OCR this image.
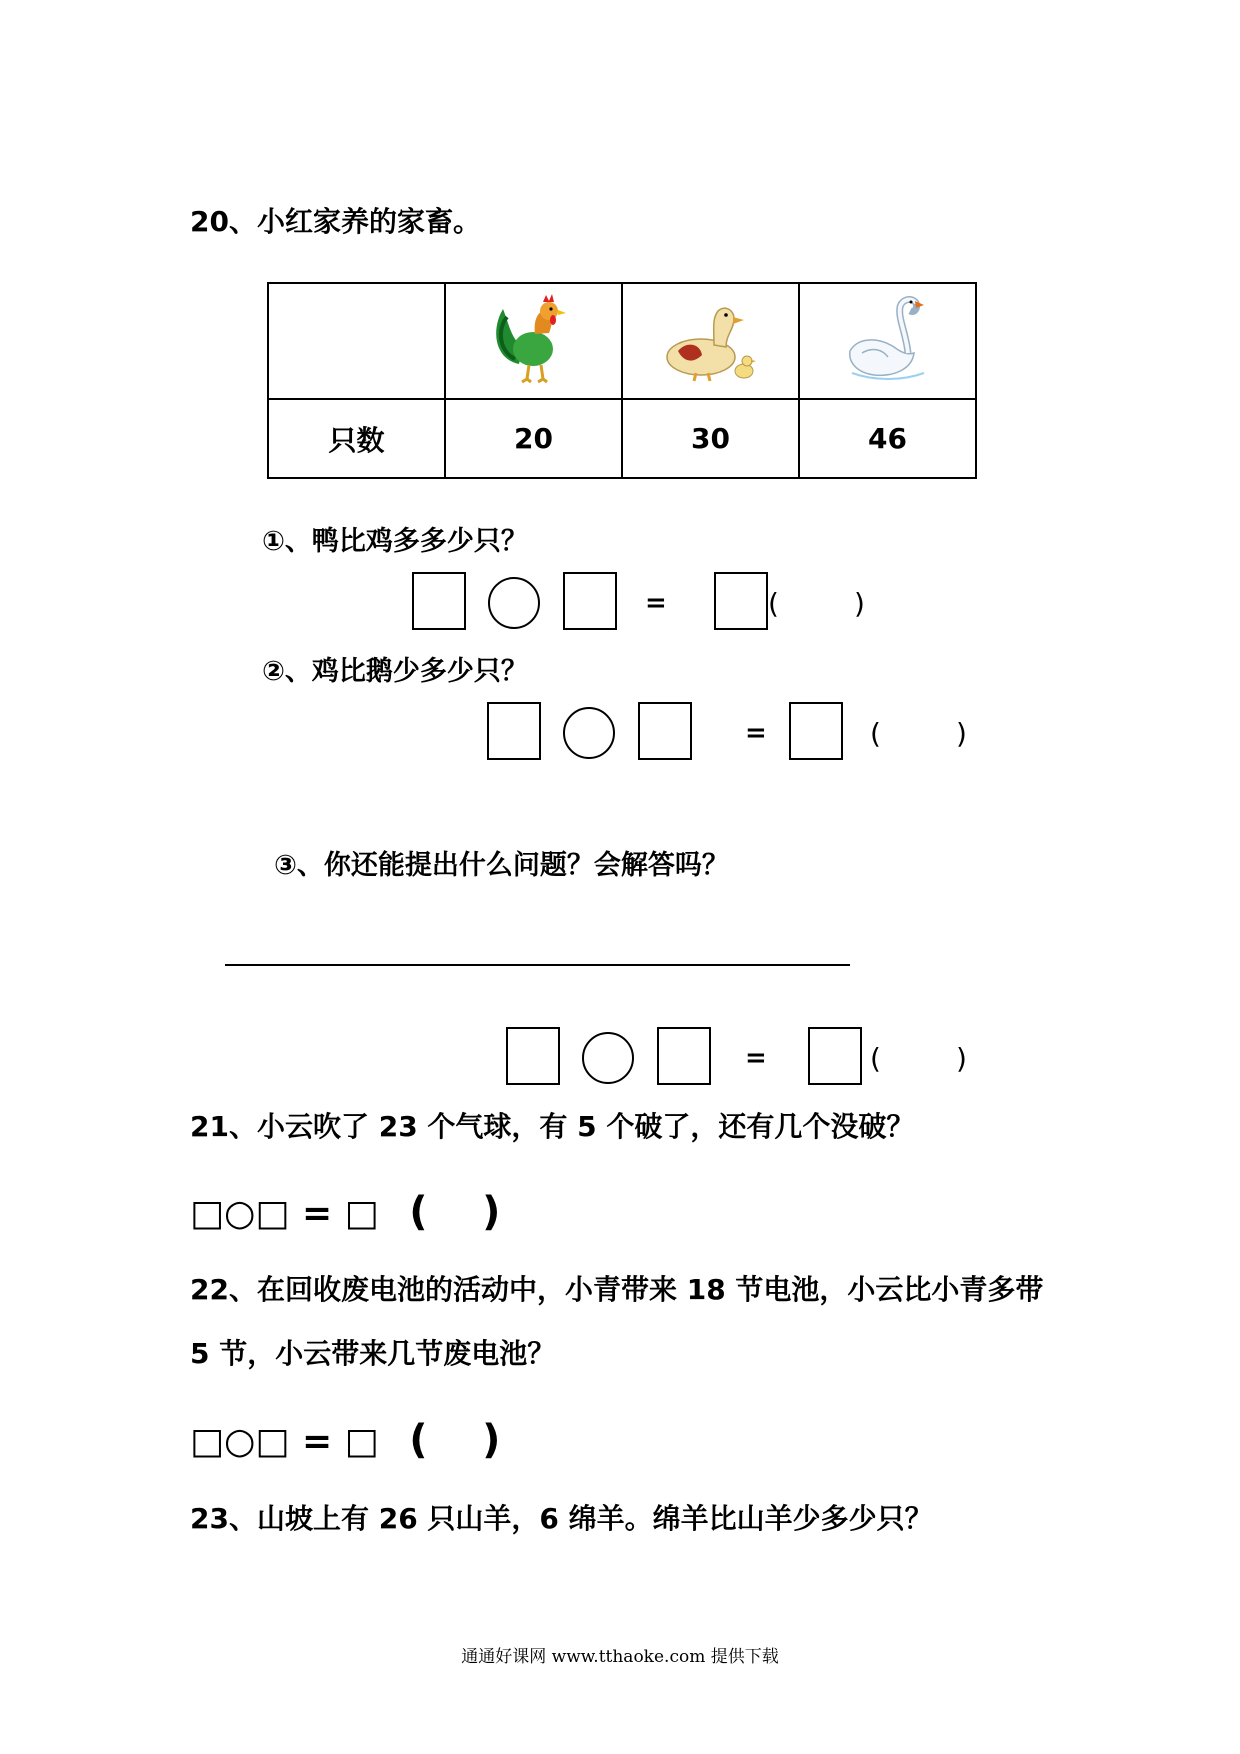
20、小红家养的家畜。

只数	20	30	46
①、鸭比鸡多多少只？
=	(	)
②、鸡比鹅少多少只？
=	(	)
③、你还能提出什么问题？会解答吗？
=	(	)
21、小云吹了 23 个气球，有 5 个破了，还有几个没破？
□○□ = □ ( )
22、在回收废电池的活动中，小青带来 18 节电池，小云比小青多带
5 节，小云带来几节废电池？
□○□ = □ ( )
23、山坡上有 26 只山羊，6 绵羊。绵羊比山羊少多少只？
通通好课网 www.tthaoke.com 提供下载
